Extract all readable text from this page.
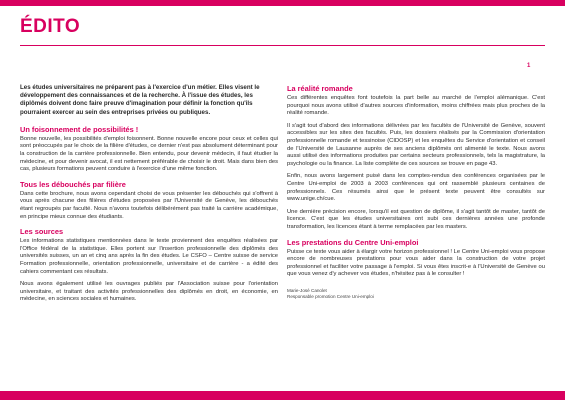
ÉDITO
1

Les études universitaires ne préparent pas à l'exercice d'un métier. Elles visent le développement des connaissances et de la recherche. À l'issue des études, les diplômés doivent donc faire preuve d'imagination pour définir la fonction qu'ils pourraient exercer au sein des entreprises privées ou publiques.

Un foisonnement de possibilités !

Bonne nouvelle, les possibilités d'emploi foisonnent. Bonne nouvelle encore pour ceux et celles qui sont préoccupés par le choix de la filière d'études, ce dernier n'est pas absolument déterminant pour la construction de la carrière professionnelle. Bien entendu, pour devenir médecin, il faut étudier la médecine, et pour devenir avocat, il est nettement préférable de choisir le droit. Mais dans bien des cas, plusieurs formations peuvent conduire à l'exercice d'une même fonction.

Tous les débouchés par filière

Dans cette brochure, nous avons cependant choisi de vous présenter les débouchés qui s'offrent à vous après chacune des filières d'études proposées par l'Université de Genève, les débouchés étant regroupés par faculté. Nous n'avons toutefois délibérément pas traité la carrière académique, en principe mieux connue des étudiants.

Les sources

Les informations statistiques mentionnées dans le texte proviennent des enquêtes réalisées par l'Office fédéral de la statistique. Elles portent sur l'insertion professionnelle des diplômés des universités suisses, un an et cinq ans après la fin des études. Le CSFO – Centre suisse de service Formation professionnelle, orientation professionnelle, universitaire et de carrière - a édité des cahiers commentant ces résultats.

Nous avons également utilisé les ouvrages publiés par l'Association suisse pour l'orientation universitaire, et traitant des activités professionnelles des diplômés en droit, en économie, en médecine, en sciences sociales et humaines.

La réalité romande

Ces différentes enquêtes font toutefois la part belle au marché de l'emploi alémanique. C'est pourquoi nous avons utilisé d'autres sources d'information, moins chiffrées mais plus proches de la réalité romande.

Il s'agit tout d'abord des informations délivrées par les facultés de l'Université de Genève, souvent accessibles sur les sites des facultés. Puis, les dossiers réalisés par la Commission d'orientation professionnelle romande et tessinoise (CIDOSP) et les enquêtes du Service d'orientation et conseil de l'Université de Lausanne auprès de ses anciens diplômés ont alimenté le texte. Nous avons aussi utilisé des informations produites par certains secteurs professionnels, tels la magistrature, la psychologie ou la finance. La liste complète de ces sources se trouve en page 43.

Enfin, nous avons largement puisé dans les comptes-rendus des conférences organisées par le Centre Uni-emploi de 2003 à 2003 conférences qui ont rassemblé plusieurs centaines de professionnels. Ces résumés ainsi que le présent texte peuvent être consultés sur www.unige.ch/cue.

Une dernière précision encore, lorsqu'il est question de diplôme, il s'agit tantôt de master, tantôt de licence. C'est que les études universitaires ont subi ces dernières années une profonde transformation, les licences étant à terme remplacées par les masters.

Les prestations du Centre Uni-emploi

Puisse ce texte vous aider à élargir votre horizon professionnel ! Le Centre Uni-emploi vous propose encore de nombreuses prestations pour vous aider dans la construction de votre projet professionnel et faciliter votre passage à l'emploi. Si vous êtes inscrit-e à l'Université de Genève ou que vous venez d'y achever vos études, n'hésitez pas à le consulter !

Marie-José Canolet
Responsable promotion Centre Uni-emploi
